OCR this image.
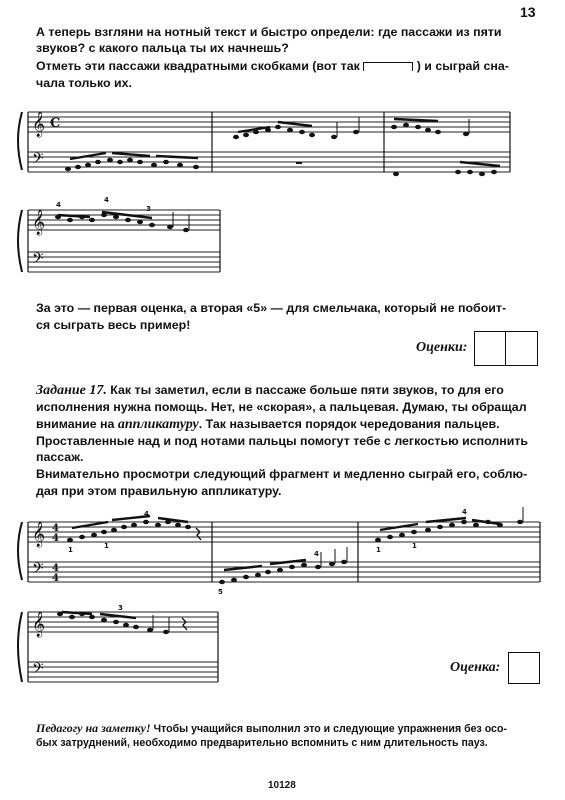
13
А теперь взгляни на нотный текст и быстро определи: где пассажи из пяти
звуков? с какого пальца ты их начнешь?
Отметь эти пассажи квадратными скобками (вот так	) и сыграй сна-
чала только их.
𝄞
𝄢
C
𝄞
𝄢
4
4
3
За это — первая оценка, а вторая «5» — для смельчака, который не побоит-
ся сыграть весь пример!
Оценки:
Задание 17. Как ты заметил, если в пассаже больше пяти звуков, то для его
исполнения нужна помощь. Нет, не «скорая», а пальцевая. Думаю, ты обращал
внимание на аппликатуру. Так называется порядок чередования пальцев.
Проставленные над и под нотами пальцы помогут тебе с легкостью исполнить
пассаж.
Внимательно просмотри следующий фрагмент и медленно сыграй его, соблю-
дая при этом правильную аппликатуру.
𝄞
𝄢
4
4
4
4
1	1
4
5
4	1	1
4
𝄞
𝄢
3
Оценка:
Педагогу на заметку! Чтобы учащийся выполнил это и следующие упражнения без осо-
бых затруднений, необходимо предварительно вспомнить с ним длительность пауз.
10128
